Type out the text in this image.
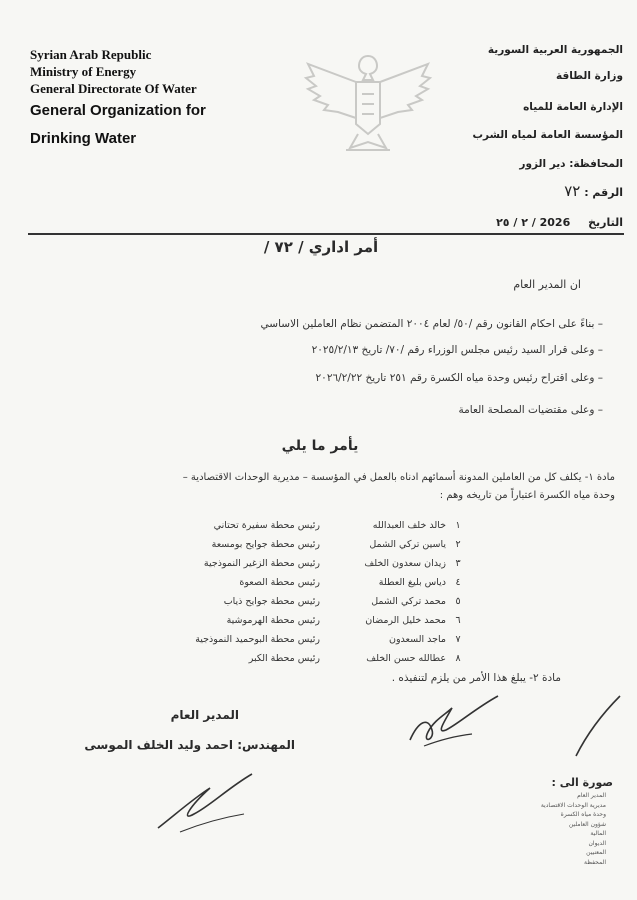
Syrian Arab Republic
Ministry of Energy
General Directorate Of Water
General Organization for
Drinking Water
الجمهورية العربية السورية
وزارة الطاقة
الإدارة العامة للمياه
المؤسسة العامة لمياه الشرب
المحافظة: دير الزور
الرقم : ٧٢
التاريخ 2026 / ٢ / ٢٥
أمر اداري / ٧٢ /
ان المدير العام
– بناءً على احكام القانون رقم /٥٠/ لعام ٢٠٠٤ المتضمن نظام العاملين الاساسي
– وعلى قرار السيد رئيس مجلس الوزراء رقم /٧٠/ تاريخ ٢٠٢٥/٢/١٣
– وعلى اقتراح رئيس وحدة مياه الكسرة رقم ٢٥١ تاريخ ٢٠٢٦/٢/٢٢
– وعلى مقتضيات المصلحة العامة
يأمر ما يلي
مادة ١- يكلف كل من العاملين المدونة أسمائهم ادناه بالعمل في المؤسسة – مديرية الوحدات الاقتصادية –
وحدة مياه الكسرة اعتباراً من تاريخه وهم :
١
خالد خلف العبدالله
رئيس محطة سفيرة تحتاني
٢
ياسين تركي الشمل
رئيس محطة جوايح بومسعة
٣
زيدان سعدون الخلف
رئيس محطة الزغير النموذجية
٤
دياس بليغ العطلة
رئيس محطة الصعوة
٥
محمد تركي الشمل
رئيس محطة جوايح ذياب
٦
محمد خليل الرمضان
رئيس محطة الهرموشية
٧
ماجد السعدون
رئيس محطة البوحميد النموذجية
٨
عطالله حسن الخلف
رئيس محطة الكبر
مادة ٢- يبلغ هذا الأمر من يلزم لتنفيذه .
المدير العام
المهندس: احمد وليد الخلف الموسى
صورة الى :
المدير العام
مديرية الوحدات الاقتصادية
وحدة مياه الكسرة
شؤون العاملين
المالية
الديوان
المعنيين
المحفظة
